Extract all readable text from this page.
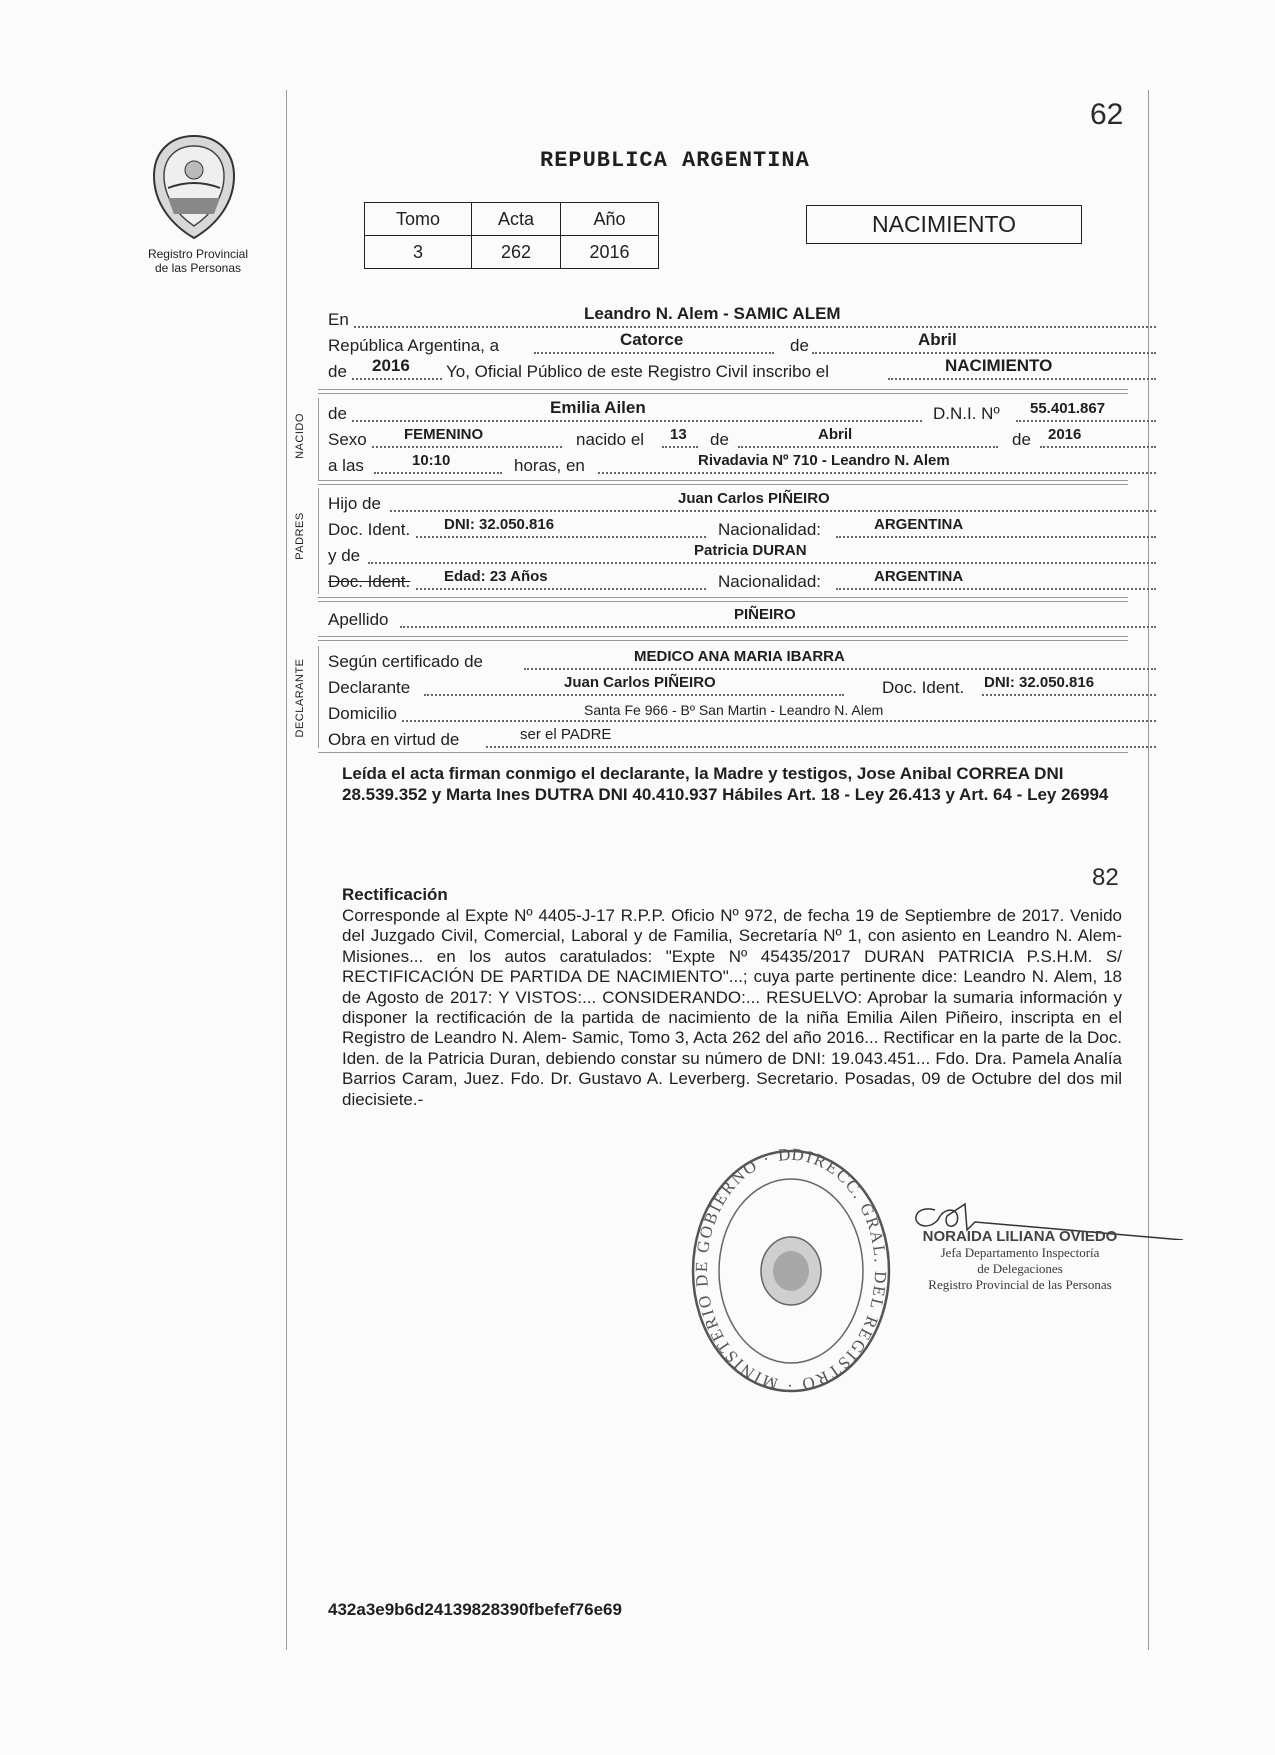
62
Registro Provincial
de las Personas
REPUBLICA ARGENTINA
Tomo	Acta	Año
3	262	2016
NACIMIENTO
En	Leandro N. Alem - SAMIC ALEM
República Argentina, a	Catorce	de	Abril
de 2016 Yo, Oficial Público de este Registro Civil inscribo el	NACIMIENTO
NACIDO de	Emilia Ailen	D.N.I. Nº 55.401.867
Sexo FEMENINO	nacido el 13 de	Abril	de 2016
a las	10:10	horas, en	Rivadavia Nº 710 - Leandro N. Alem
PADRES
Hijo de	Juan Carlos PIÑEIRO
Doc. Ident. DNI: 32.050.816	Nacionalidad:	ARGENTINA
y de	Patricia DURAN
Doc. Ident. Edad: 23 Años	Nacionalidad:	ARGENTINA
Apellido	PIÑEIRO
DECLARANTE Según certificado de	MEDICO ANA MARIA IBARRA
Declarante	Juan Carlos PIÑEIRO	Doc. Ident. DNI: 32.050.816
Domicilio	Santa Fe 966 - Bº San Martin - Leandro N. Alem
Obra en virtud de	ser el PADRE
Leída el acta firman conmigo el declarante, la Madre y testigos, Jose Anibal CORREA DNI 28.539.352 y Marta Ines DUTRA DNI 40.410.937 Hábiles Art. 18 - Ley 26.413 y Art. 64 - Ley 26994
82
Rectificación
Corresponde al Expte Nº 4405-J-17 R.P.P. Oficio Nº 972, de fecha 19 de Septiembre de 2017. Venido del Juzgado Civil, Comercial, Laboral y de Familia, Secretaría Nº 1, con asiento en Leandro N. Alem-Misiones... en los autos caratulados: "Expte Nº 45435/2017 DURAN PATRICIA P.S.H.M. S/ RECTIFICACIÓN DE PARTIDA DE NACIMIENTO"...; cuya parte pertinente dice: Leandro N. Alem, 18 de Agosto de 2017: Y VISTOS:... CONSIDERANDO:... RESUELVO: Aprobar la sumaria información y disponer la rectificación de la partida de nacimiento de la niña Emilia Ailen Piñeiro, inscripta en el Registro de Leandro N. Alem- Samic, Tomo 3, Acta 262 del año 2016... Rectificar en la parte de la Doc. Iden. de la Patricia Duran, debiendo constar su número de DNI: 19.043.451... Fdo. Dra. Pamela Analía Barrios Caram, Juez. Fdo. Dr. Gustavo A. Leverberg. Secretario. Posadas, 09 de Octubre del dos mil diecisiete.-
DIRECC. GRAL. DEL REGISTRO · MINISTERIO DE GOBIERNO · D
NORAIDA LILIANA OVIEDO
Jefa Departamento Inspectoría
de Delegaciones
Registro Provincial de las Personas
432a3e9b6d24139828390fbefef76e69
